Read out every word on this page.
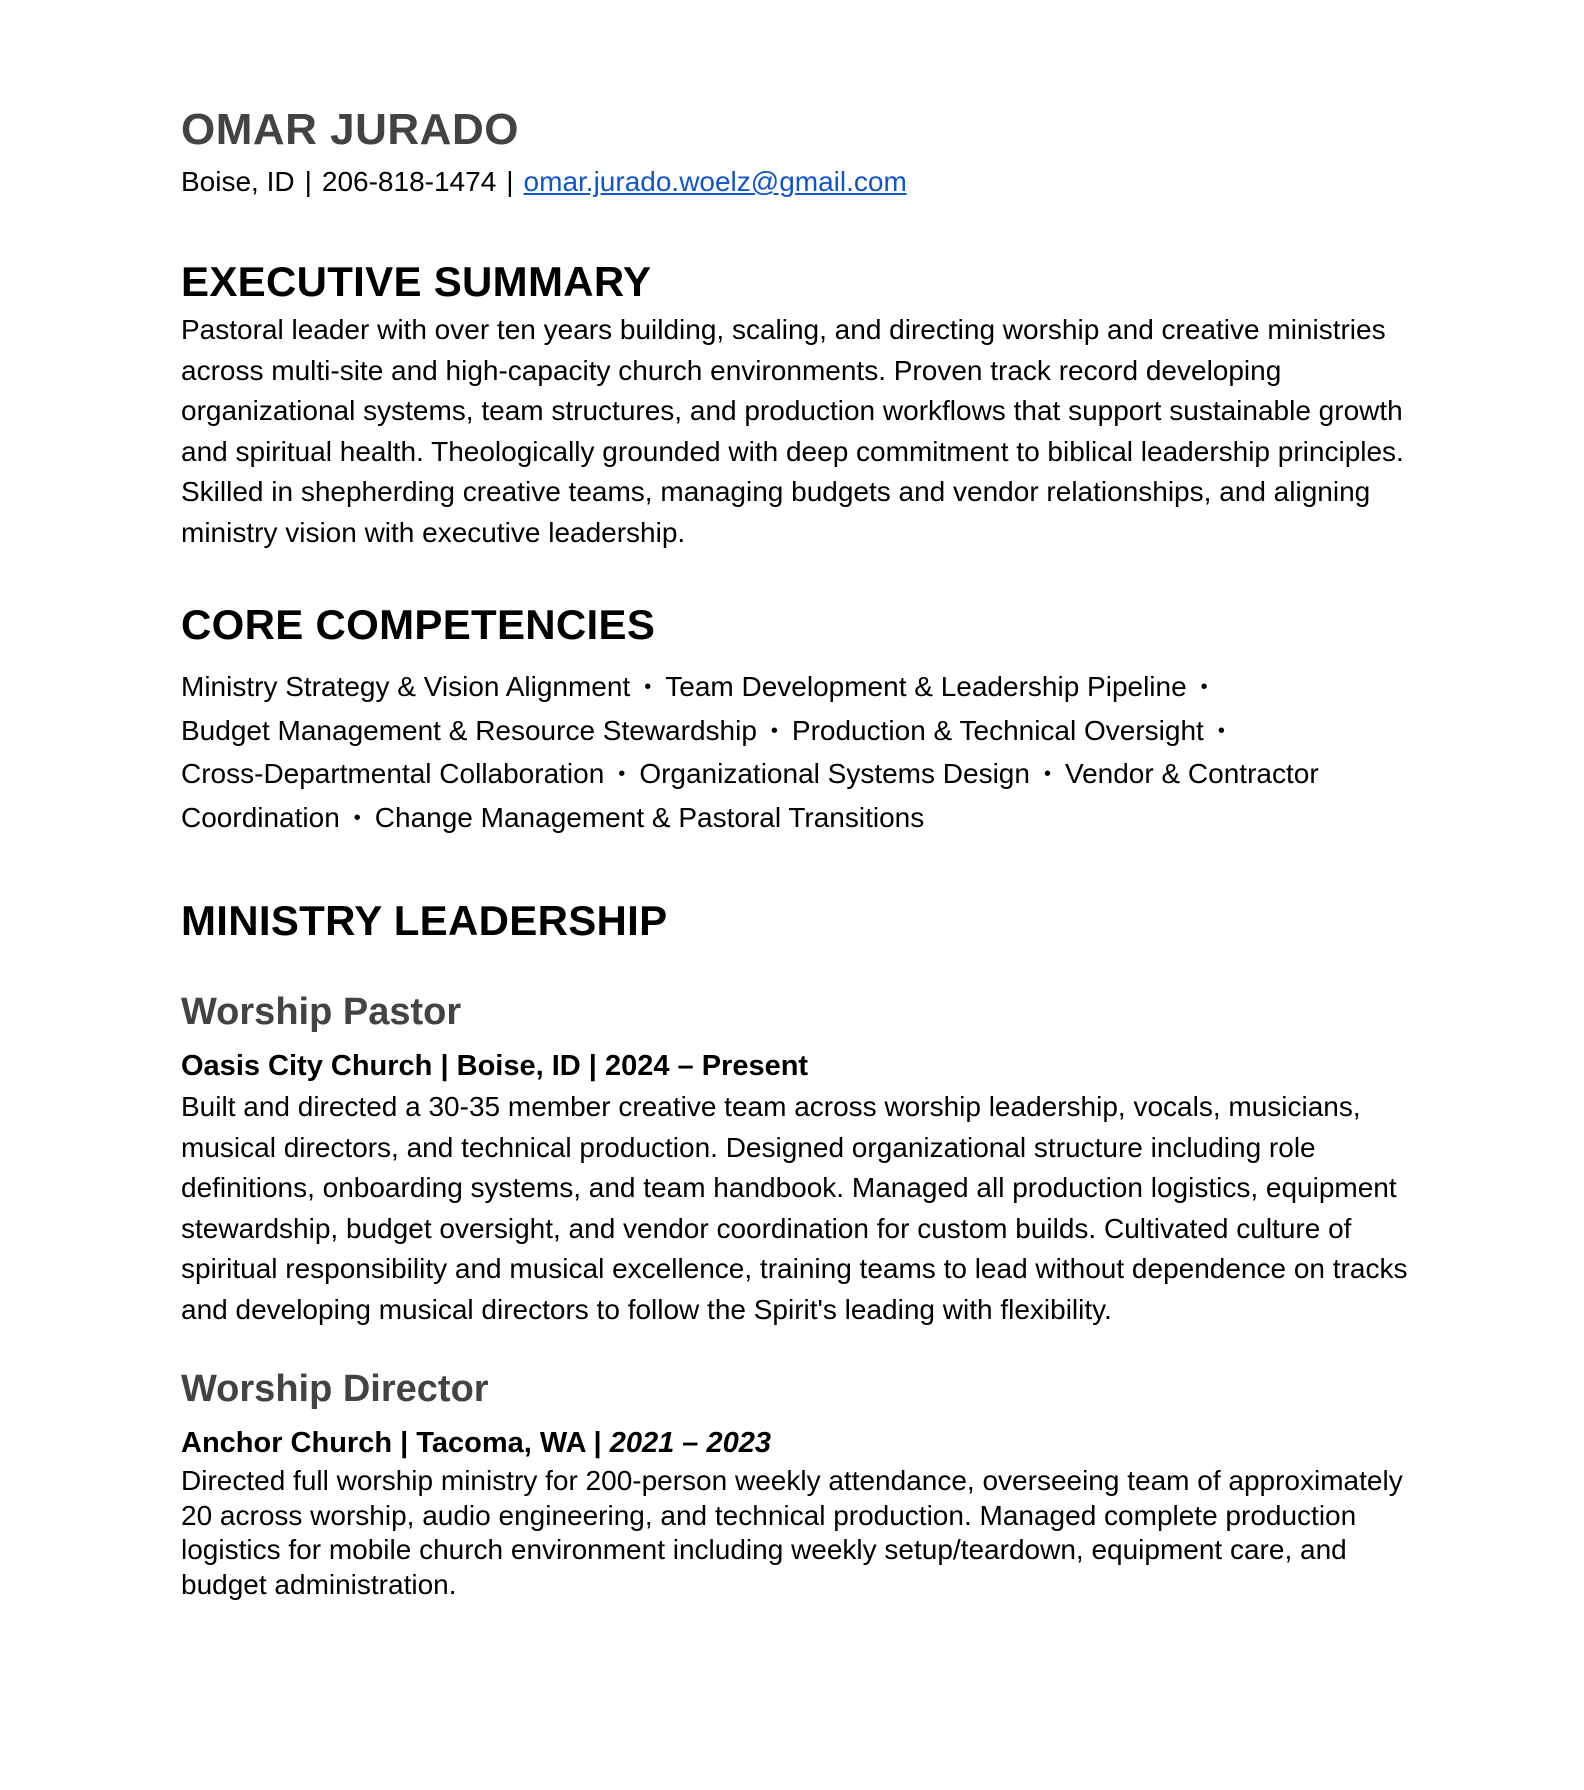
OMAR JURADO

Boise, ID | 206-818-1474 | omar.jurado.woelz@gmail.com

EXECUTIVE SUMMARY

Pastoral leader with over ten years building, scaling, and directing worship and creative ministries across multi-site and high-capacity church environments. Proven track record developing organizational systems, team structures, and production workflows that support sustainable growth and spiritual health. Theologically grounded with deep commitment to biblical leadership principles. Skilled in shepherding creative teams, managing budgets and vendor relationships, and aligning ministry vision with executive leadership.

CORE COMPETENCIES

Ministry Strategy & Vision Alignment • Team Development & Leadership Pipeline • Budget Management & Resource Stewardship • Production & Technical Oversight • Cross-Departmental Collaboration • Organizational Systems Design • Vendor & Contractor Coordination • Change Management & Pastoral Transitions

MINISTRY LEADERSHIP
Worship Pastor

Oasis City Church | Boise, ID | 2024 – Present

Built and directed a 30-35 member creative team across worship leadership, vocals, musicians, musical directors, and technical production. Designed organizational structure including role definitions, onboarding systems, and team handbook. Managed all production logistics, equipment stewardship, budget oversight, and vendor coordination for custom builds. Cultivated culture of spiritual responsibility and musical excellence, training teams to lead without dependence on tracks and developing musical directors to follow the Spirit's leading with flexibility.

Worship Director

Anchor Church | Tacoma, WA | 2021 – 2023

Directed full worship ministry for 200-person weekly attendance, overseeing team of approximately 20 across worship, audio engineering, and technical production. Managed complete production logistics for mobile church environment including weekly setup/teardown, equipment care, and budget administration.
